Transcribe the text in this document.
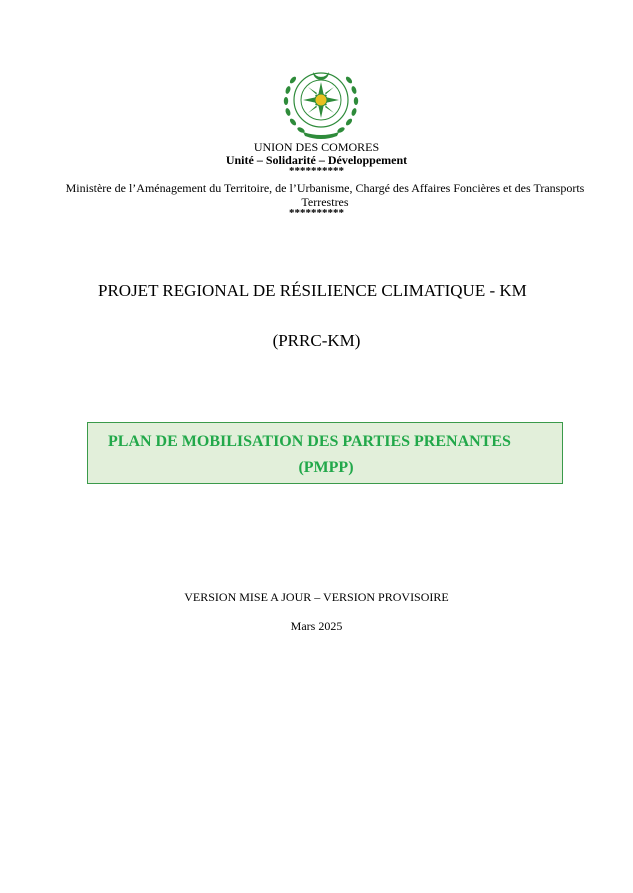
UNION DES COMORES
Unité – Solidarité – Développement
**********
Ministère de l’Aménagement du Territoire, de l’Urbanisme, Chargé des Affaires Foncières et des Transports Terrestres
**********
PROJET REGIONAL DE RÉSILIENCE CLIMATIQUE - KM
(PRRC-KM)
PLAN DE MOBILISATION DES PARTIES PRENANTES
(PMPP)
VERSION MISE A JOUR – VERSION PROVISOIRE
Mars 2025
